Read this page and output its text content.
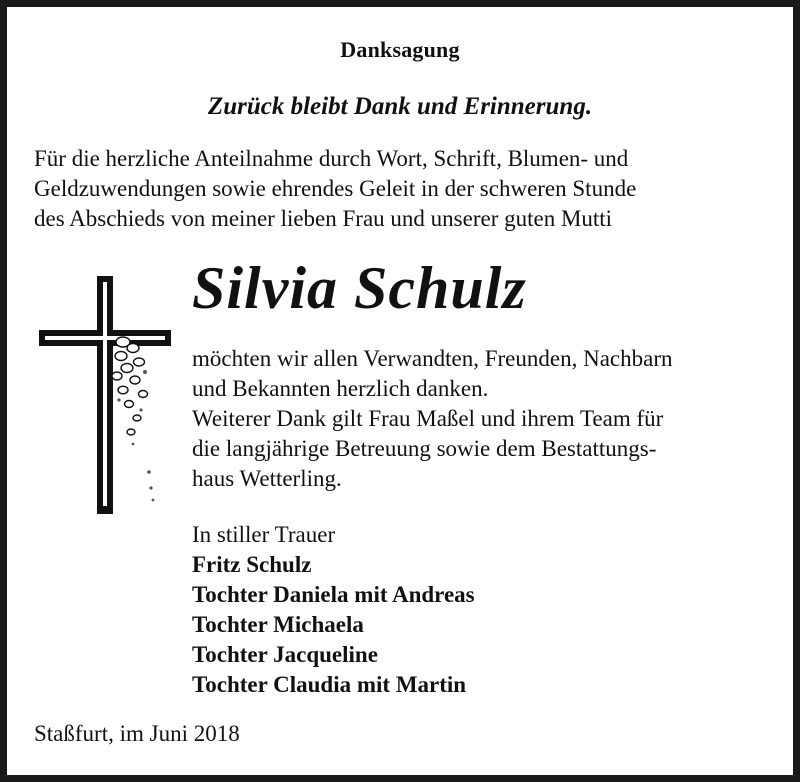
Danksagung
Zurück bleibt Dank und Erinnerung.
Für die herzliche Anteilnahme durch Wort, Schrift, Blumen- und
Geldzuwendungen sowie ehrendes Geleit in der schweren Stunde
des Abschieds von meiner lieben Frau und unserer guten Mutti
Silvia Schulz
möchten wir allen Verwandten, Freunden, Nachbarn
und Bekannten herzlich danken.
Weiterer Dank gilt Frau Maßel und ihrem Team für
die langjährige Betreuung sowie dem Bestattungs-
haus Wetterling.
In stiller Trauer
Fritz Schulz
Tochter Daniela mit Andreas
Tochter Michaela
Tochter Jacqueline
Tochter Claudia mit Martin
Staßfurt, im Juni 2018
